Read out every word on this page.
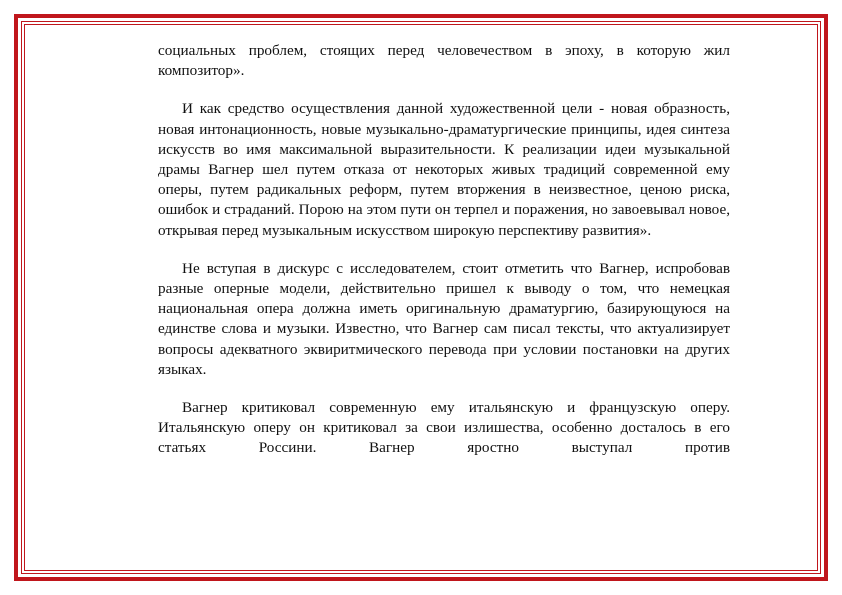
социальных проблем, стоящих перед человечеством в эпоху, в которую жил композитор».

И как средство осуществления данной художественной цели - новая образность, новая интонационность, новые музыкально-драматургические принципы, идея синтеза искусств во имя максимальной выразительности. К реализации идеи музыкальной драмы Вагнер шел путем отказа от некоторых живых традиций современной ему оперы, путем радикальных реформ, путем вторжения в неизвестное, ценою риска, ошибок и страданий. Порою на этом пути он терпел и поражения, но завоевывал новое, открывая перед музыкальным искусством широкую перспективу развития».

Не вступая в дискурс с исследователем, стоит отметить что Вагнер, испробовав разные оперные модели, действительно пришел к выводу о том, что немецкая национальная опера должна иметь оригинальную драматургию, базирующуюся на единстве слова и музыки. Известно, что Вагнер сам писал тексты, что актуализирует вопросы адекватного эквиритмического перевода при условии постановки на других языках.

Вагнер критиковал современную ему итальянскую и французскую оперу. Итальянскую оперу он критиковал за свои излишества, особенно досталось в его статьях Россини. Вагнер яростно выступал против
